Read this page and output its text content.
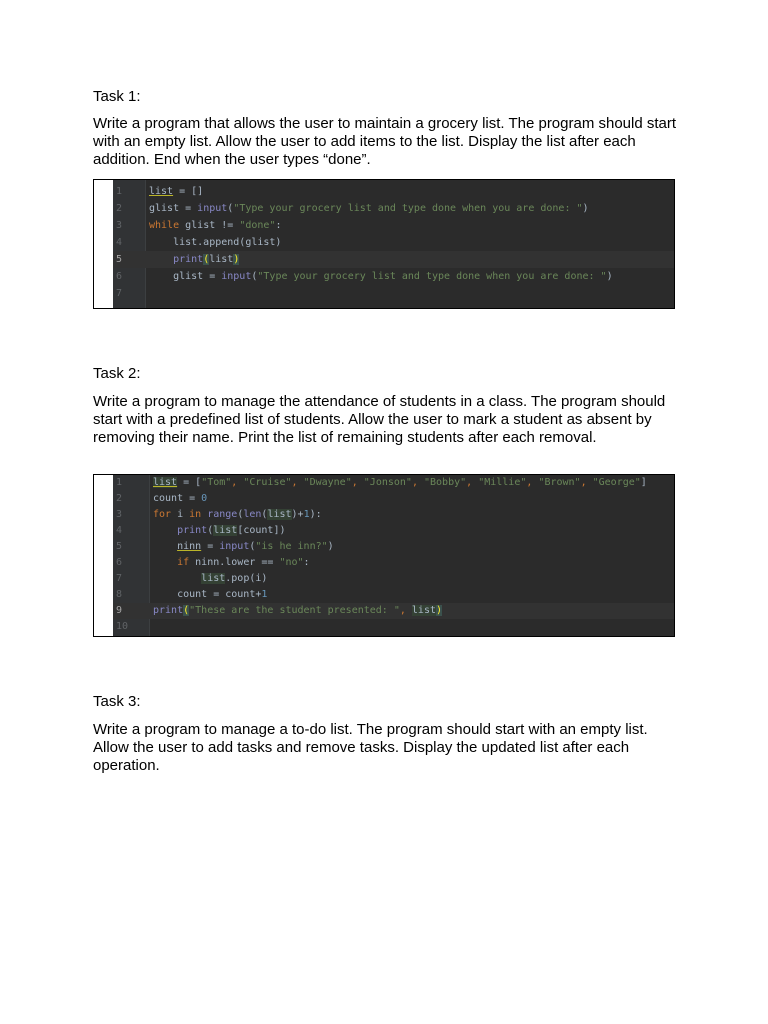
Task 1:
Write a program that allows the user to maintain a grocery list. The program should start with an empty list. Allow the user to add items to the list. Display the list after each addition. End when the user types “done”.
1	list = []
2	glist = input("Type your grocery list and type done when you are done: ")
3	while glist != "done":
4	list.append(glist)
5	print(list)
6	glist = input("Type your grocery list and type done when you are done: ")
7
Task 2:
Write a program to manage the attendance of students in a class. The program should start with a predefined list of students. Allow the user to mark a student as absent by removing their name. Print the list of remaining students after each removal.
1	list = ["Tom", "Cruise", "Dwayne", "Jonson", "Bobby", "Millie", "Brown", "George"]
2	count = 0
3	for i in range(len(list)+1):
4	print(list[count])
5	ninn = input("is he inn?")
6	if ninn.lower == "no":
7	list.pop(i)
8	count = count+1
9	print("These are the student presented: ", list)
10
Task 3:
Write a program to manage a to-do list. The program should start with an empty list. Allow the user to add tasks and remove tasks. Display the updated list after each operation.
